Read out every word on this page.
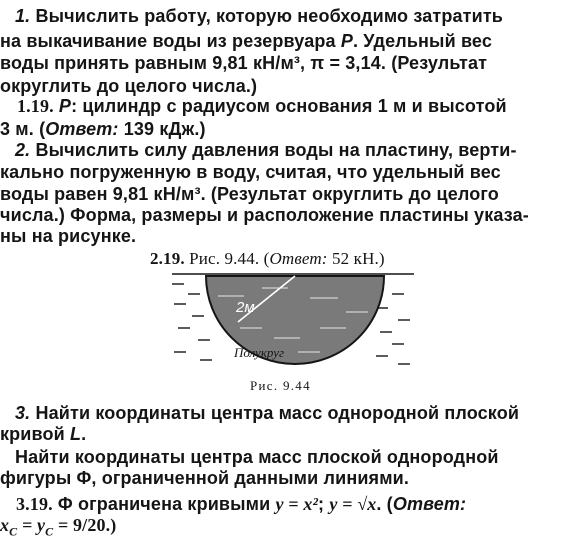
1. Вычислить работу, которую необходимо затратить
на выкачивание воды из резервуара P. Удельный вес
воды принять равным 9,81 кН/м³, π = 3,14. (Результат
округлить до целого числа.)
1.19. P: цилиндр с радиусом основания 1 м и высотой
3 м. (Ответ: 139 кДж.)
2. Вычислить силу давления воды на пластину, верти-
кально погруженную в воду, считая, что удельный вес
воды равен 9,81 кН/м³. (Результат округлить до целого
числа.) Форма, размеры и расположение пластины указа-
ны на рисунке.
2.19. Рис. 9.44. (Ответ: 52 кН.)
2м
Полукруг
Рис. 9.44
3. Найти координаты центра масс однородной плоской
кривой L.
Найти координаты центра масс плоской однородной
фигуры Φ, ограниченной данными линиями.
3.19. Φ ограничена кривыми y = x²; y = √x. (Ответ:
$x_C = y_C = 9/20$.)
